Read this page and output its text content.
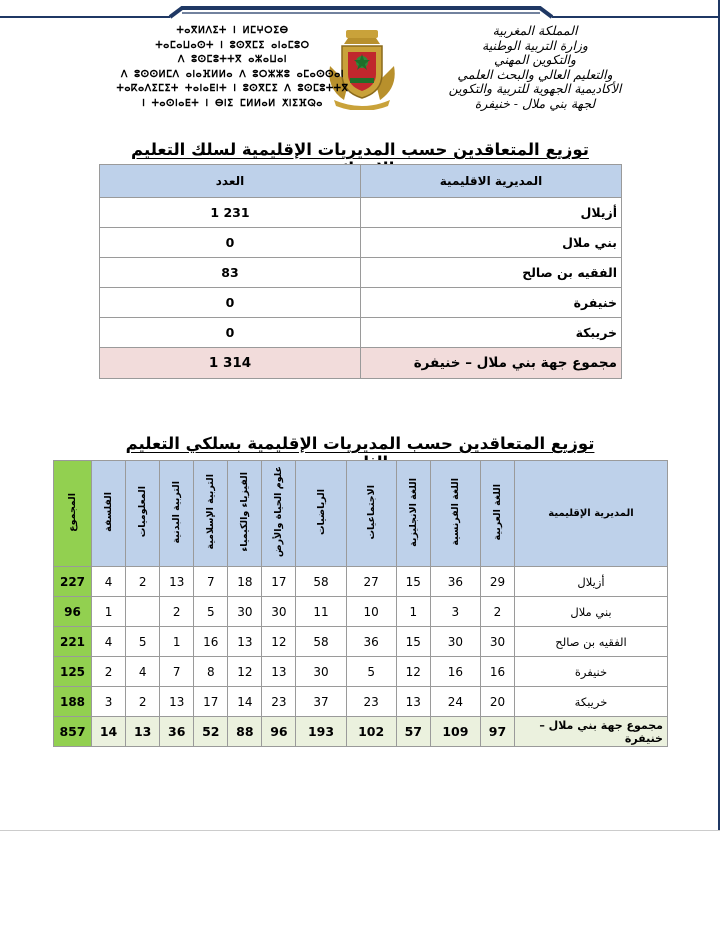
المملكة المغربية
وزارة التربية الوطنية
والتكوين المهني
والتعليم العالي والبحث العلمي
الأكاديمية الجهوية للتربية والتكوين
لجهة بني ملال - خنيفرة
ⵜⴰⴳⵍⴷⵉⵜ ⵏ ⵍⵎⵖⵔⵉⴱ
ⵜⴰⵎⴰⵡⴰⵙⵜ ⵏ ⵓⵙⴳⵎⵉ ⴰⵏⴰⵎⵓⵔ
ⴷ ⵓⵙⵎⵓⵜⵜⴳ ⴰⵣⴰⵡⴰⵏ
ⴷ ⵓⵙⵙⵍⵎⴷ ⴰⵏⴰⴼⵍⵍⴰ ⴷ ⵓⵔⵣⵣⵓ ⴰⵎⴰⵙⵙⴰⵏ
ⵜⴰⴽⴰⴷⵉⵎⵉⵜ ⵜⴰⵏⴰⴹⵏⵜ ⵏ ⵓⵙⴳⵎⵉ ⴷ ⵓⵙⵎⵓⵜⵜⴳ
ⵏ ⵜⴰⵙⵏⴰⴹⵜ ⵏ ⴱⵏⵉ ⵎⵍⵍⴰⵍ ⵅⵏⵉⴼⵕⴰ
توزيع المتعاقدين حسب المديريات الإقليمية لسلك التعليم
المديرية الاقليمية	العدد
أزيلال	1 231
بني ملال	0
الفقيه بن صالح	83
خنيفرة	0
خريبكة	0
مجموع جهة بني ملال – خنيفرة	1 314
توزيع المتعاقدين حسب المديريات الإقليمية بسلكي التعليم
المديرية الإقليمية	اللغة العربية	اللغة الفرنسية	اللغة الانجليزية	الاجتماعيات	الرياضيات	علوم الحياة والأرض	الفيزياء والكيمياء	التربية الإسلامية	التربية البدنية	المعلوميات	الفلسفة	المجموع
أزيلال	29	36	15	27	58	17	18	7	13	2	4	227
بني ملال	2	3	1	10	11	30	30	5	2		1	96
الفقيه بن صالح	30	30	15	36	58	12	13	16	1	5	4	221
خنيفرة	16	16	12	5	30	13	12	8	7	4	2	125
خريبكة	20	24	13	23	37	23	14	17	13	2	3	188
مجموع جهة بني ملال – خنيفرة	97	109	57	102	193	96	88	52	36	13	14	857
